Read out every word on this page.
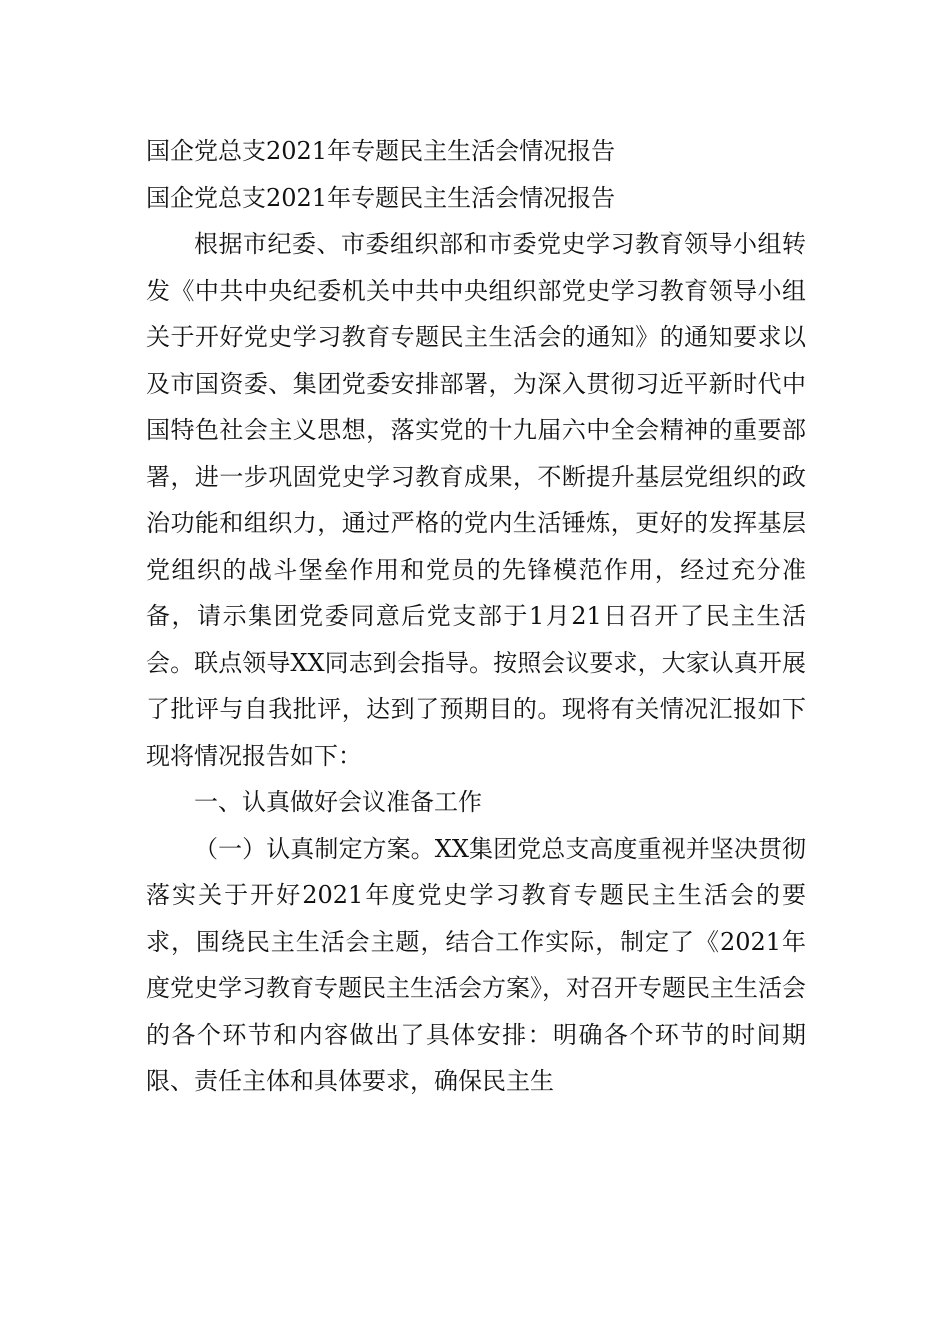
国企党总支2021年专题民主生活会情况报告

国企党总支2021年专题民主生活会情况报告

根据市纪委、市委组织部和市委党史学习教育领导小组转发《中共中央纪委机关中共中央组织部党史学习教育领导小组关于开好党史学习教育专题民主生活会的通知》的通知要求以及市国资委、集团党委安排部署，为深入贯彻习近平新时代中国特色社会主义思想，落实党的十九届六中全会精神的重要部署，进一步巩固党史学习教育成果，不断提升基层党组织的政治功能和组织力，通过严格的党内生活锤炼，更好的发挥基层党组织的战斗堡垒作用和党员的先锋模范作用，经过充分准备，请示集团党委同意后党支部于1月21日召开了民主生活会。联点领导XX同志到会指导。按照会议要求，大家认真开展了批评与自我批评，达到了预期目的。现将有关情况汇报如下现将情况报告如下：

一、认真做好会议准备工作

（一）认真制定方案。XX集团党总支高度重视并坚决贯彻落实关于开好2021年度党史学习教育专题民主生活会的要求，围绕民主生活会主题，结合工作实际，制定了《2021年度党史学习教育专题民主生活会方案》，对召开专题民主生活会的各个环节和内容做出了具体安排：明确各个环节的时间期限、责任主体和具体要求，确保民主生
